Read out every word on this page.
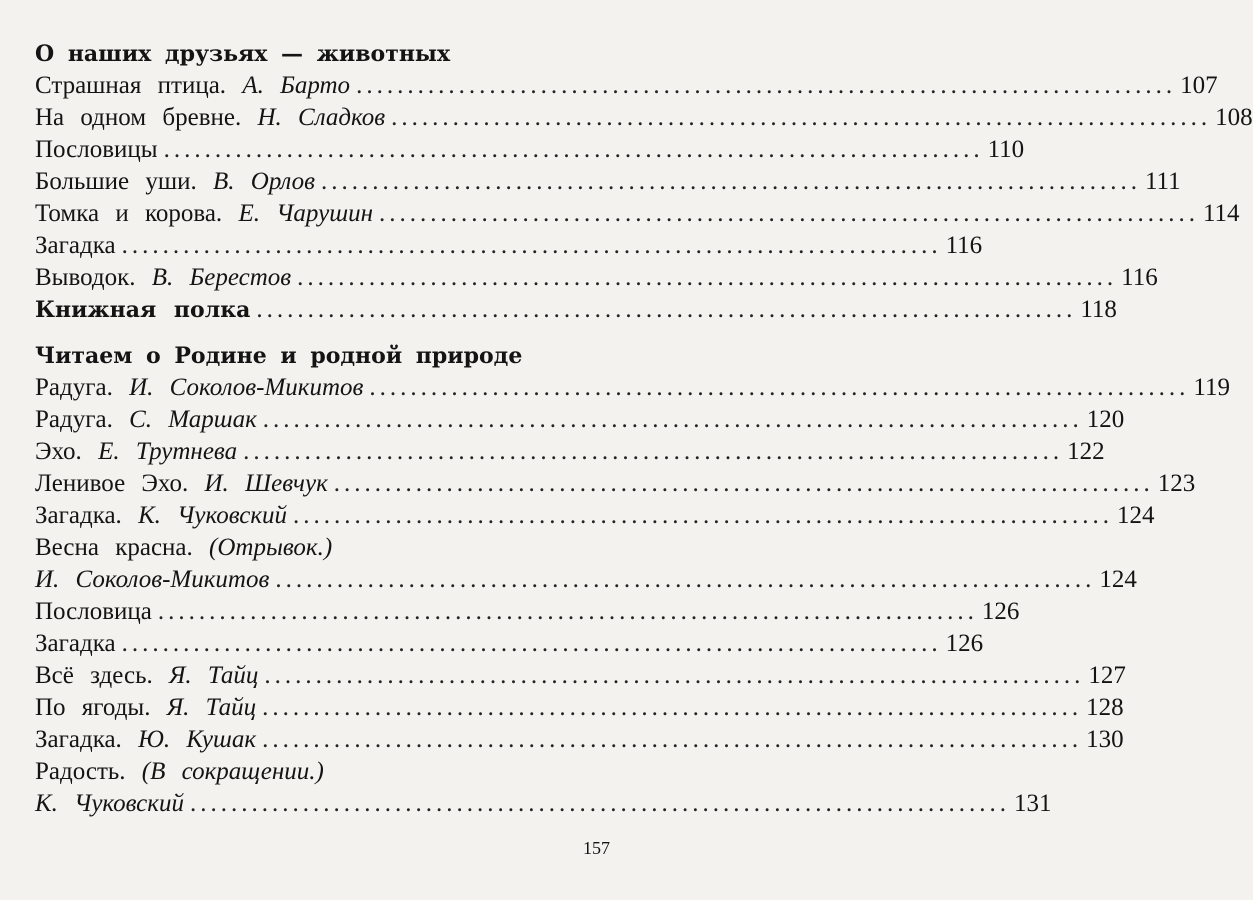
О наших друзьях — животных
Страшная птица. А. Барто ................................................................................ 107
На одном бревне. Н. Сладков ................................................................................ 108
Пословицы ................................................................................ 110
Большие уши. В. Орлов ................................................................................ 111
Томка и корова. Е. Чарушин ................................................................................ 114
Загадка ................................................................................ 116
Выводок. В. Берестов ................................................................................ 116
Книжная полка ................................................................................ 118
Читаем о Родине и родной природе
Радуга. И. Соколов-Микитов ................................................................................ 119
Радуга. С. Маршак ................................................................................ 120
Эхо. Е. Трутнева ................................................................................ 122
Ленивое Эхо. И. Шевчук ................................................................................ 123
Загадка. К. Чуковский ................................................................................ 124
Весна красна. (Отрывок.)
И. Соколов-Микитов ................................................................................ 124
Пословица ................................................................................ 126
Загадка ................................................................................ 126
Всё здесь. Я. Тайц ................................................................................ 127
По ягоды. Я. Тайц ................................................................................ 128
Загадка. Ю. Кушак ................................................................................ 130
Радость. (В сокращении.)
К. Чуковский ................................................................................ 131
157
